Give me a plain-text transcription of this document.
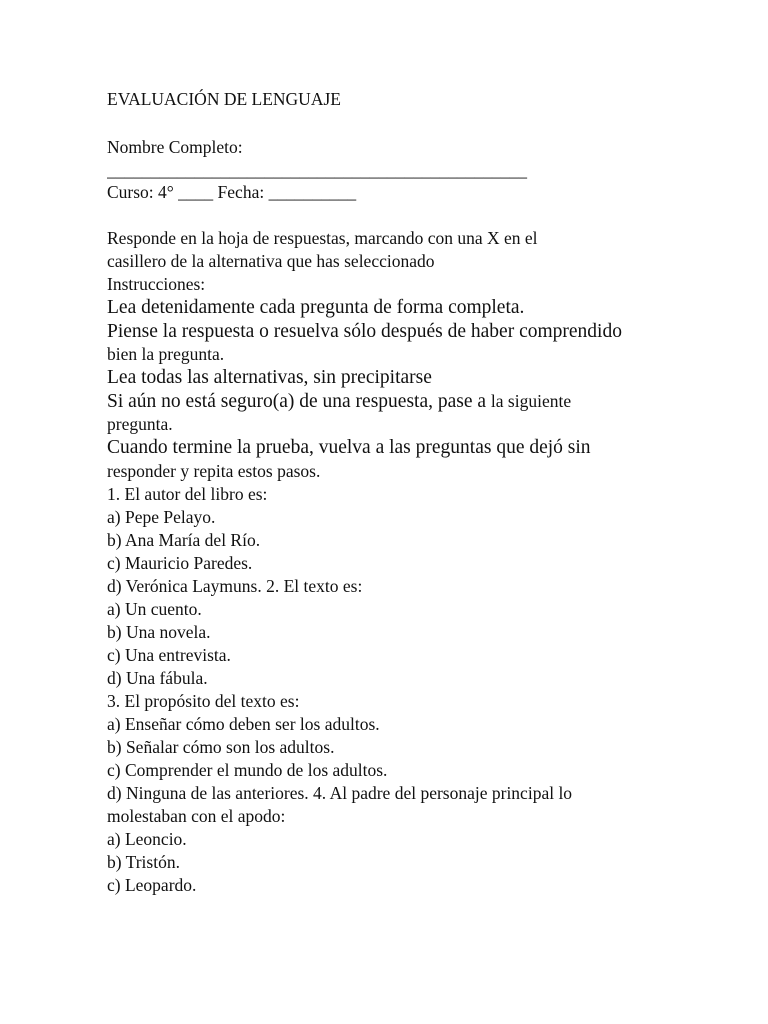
EVALUACIÓN DE LENGUAJE
Nombre Completo:
________________________________________________
Curso: 4° ____ Fecha: __________
Responde en la hoja de respuestas, marcando con una X en el
casillero de la alternativa que has seleccionado
Instrucciones:
Lea detenidamente cada pregunta de forma completa.
Piense la respuesta o resuelva sólo después de haber comprendido
bien la pregunta.
Lea todas las alternativas, sin precipitarse
Si aún no está seguro(a) de una respuesta, pase a la siguiente
pregunta.
Cuando termine la prueba, vuelva a las preguntas que dejó sin
responder y repita estos pasos.
1. El autor del libro es:
a) Pepe Pelayo.
b) Ana María del Río.
c) Mauricio Paredes.
d) Verónica Laymuns. 2. El texto es:
a) Un cuento.
b) Una novela.
c) Una entrevista.
d) Una fábula.
3. El propósito del texto es:
a) Enseñar cómo deben ser los adultos.
b) Señalar cómo son los adultos.
c) Comprender el mundo de los adultos.
d) Ninguna de las anteriores. 4. Al padre del personaje principal lo
molestaban con el apodo:
a) Leoncio.
b) Tristón.
c) Leopardo.
